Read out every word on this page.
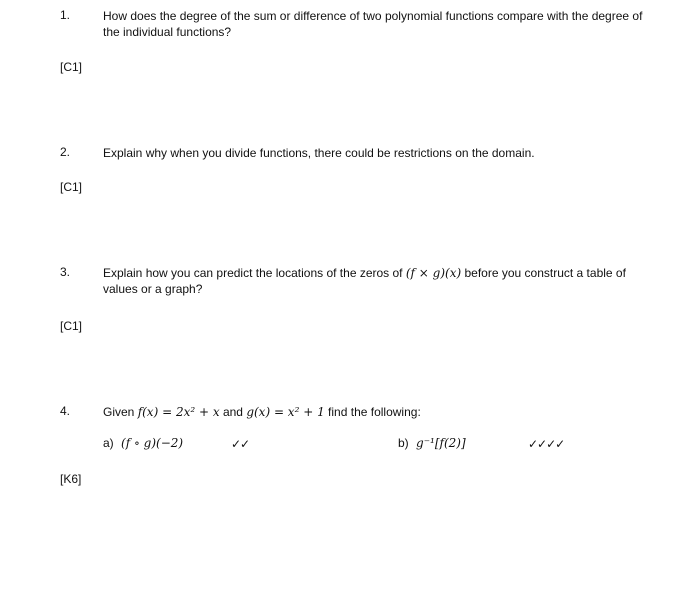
1.	How does the degree of the sum or difference of two polynomial functions compare with the degree of the individual functions?
[C1]
2.	Explain why when you divide functions, there could be restrictions on the domain.
[C1]
3.	Explain how you can predict the locations of the zeros of (f × g)(x) before you construct a table of values or a graph?
[C1]
4.	Given f(x) = 2x² + x and g(x) = x² + 1 find the following:
a) (f ∘ g)(−2)	✓✓	b) g⁻¹[f(2)]	✓✓✓✓
[K6]
